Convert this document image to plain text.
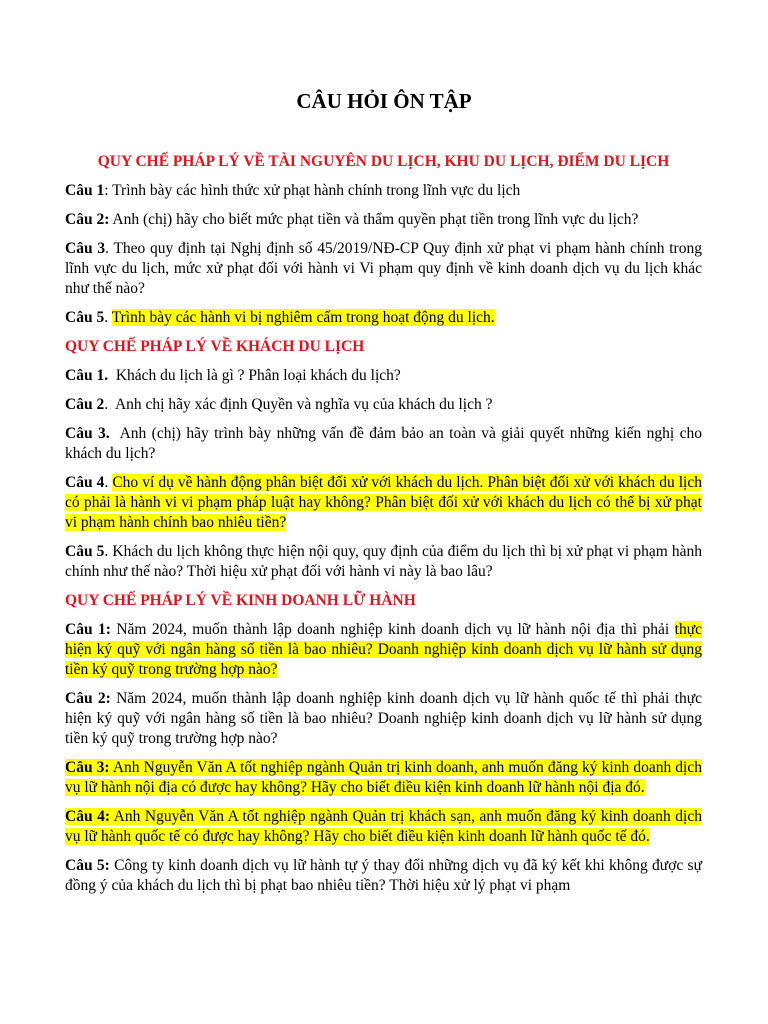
CÂU HỎI ÔN TẬP
QUY CHẾ PHÁP LÝ VỀ TÀI NGUYÊN DU LỊCH, KHU DU LỊCH, ĐIỂM DU LỊCH

Câu 1: Trình bày các hình thức xử phạt hành chính trong lĩnh vực du lịch

Câu 2: Anh (chị) hãy cho biết mức phạt tiền và thẩm quyền phạt tiền trong lĩnh vực du lịch?

Câu 3. Theo quy định tại Nghị định số 45/2019/NĐ-CP Quy định xử phạt vi phạm hành chính trong lĩnh vực du lịch, mức xử phạt đối với hành vi Vi phạm quy định về kinh doanh dịch vụ du lịch khác như thế nào?

Câu 5. Trình bày các hành vi bị nghiêm cấm trong hoạt động du lịch.

QUY CHẾ PHÁP LÝ VỀ KHÁCH DU LỊCH

Câu 1. Khách du lịch là gì ? Phân loại khách du lịch?

Câu 2.  Anh chị hãy xác định Quyền và nghĩa vụ của khách du lịch ?

Câu 3. Anh (chị) hãy trình bày những vấn đề đảm bảo an toàn và giải quyết những kiến nghị cho khách du lịch?

Câu 4. Cho ví dụ về hành động phân biệt đối xử với khách du lịch. Phân biệt đối xử với khách du lịch có phải là hành vi vi phạm pháp luật hay không? Phân biệt đối xử với khách du lịch có thể bị xử phạt vi phạm hành chính bao nhiêu tiền?

Câu 5. Khách du lịch không thực hiện nội quy, quy định của điểm du lịch thì bị xử phạt vi phạm hành chính như thế nào? Thời hiệu xử phạt đối với hành vi này là bao lâu?

QUY CHẾ PHÁP LÝ VỀ KINH DOANH LỮ HÀNH

Câu 1: Năm 2024, muốn thành lập doanh nghiệp kinh doanh dịch vụ lữ hành nội địa thì phải thực hiện ký quỹ với ngân hàng số tiền là bao nhiêu? Doanh nghiệp kinh doanh dịch vụ lữ hành sử dụng tiền ký quỹ trong trường hợp nào?

Câu 2: Năm 2024, muốn thành lập doanh nghiệp kinh doanh dịch vụ lữ hành quốc tế thì phải thực hiện ký quỹ với ngân hàng số tiền là bao nhiêu? Doanh nghiệp kinh doanh dịch vụ lữ hành sử dụng tiền ký quỹ trong trường hợp nào?

Câu 3: Anh Nguyễn Văn A tốt nghiệp ngành Quản trị kinh doanh, anh muốn đăng ký kinh doanh dịch vụ lữ hành nội địa có được hay không? Hãy cho biết điều kiện kinh doanh lữ hành nội địa đó.

Câu 4: Anh Nguyễn Văn A tốt nghiệp ngành Quản trị khách sạn, anh muốn đăng ký kinh doanh dịch vụ lữ hành quốc tế có được hay không? Hãy cho biết điều kiện kinh doanh lữ hành quốc tế đó.

Câu 5: Công ty kinh doanh dịch vụ lữ hành tự ý thay đổi những dịch vụ đã ký kết khi không được sự đồng ý của khách du lịch thì bị phạt bao nhiêu tiền? Thời hiệu xử lý phạt vi phạm
